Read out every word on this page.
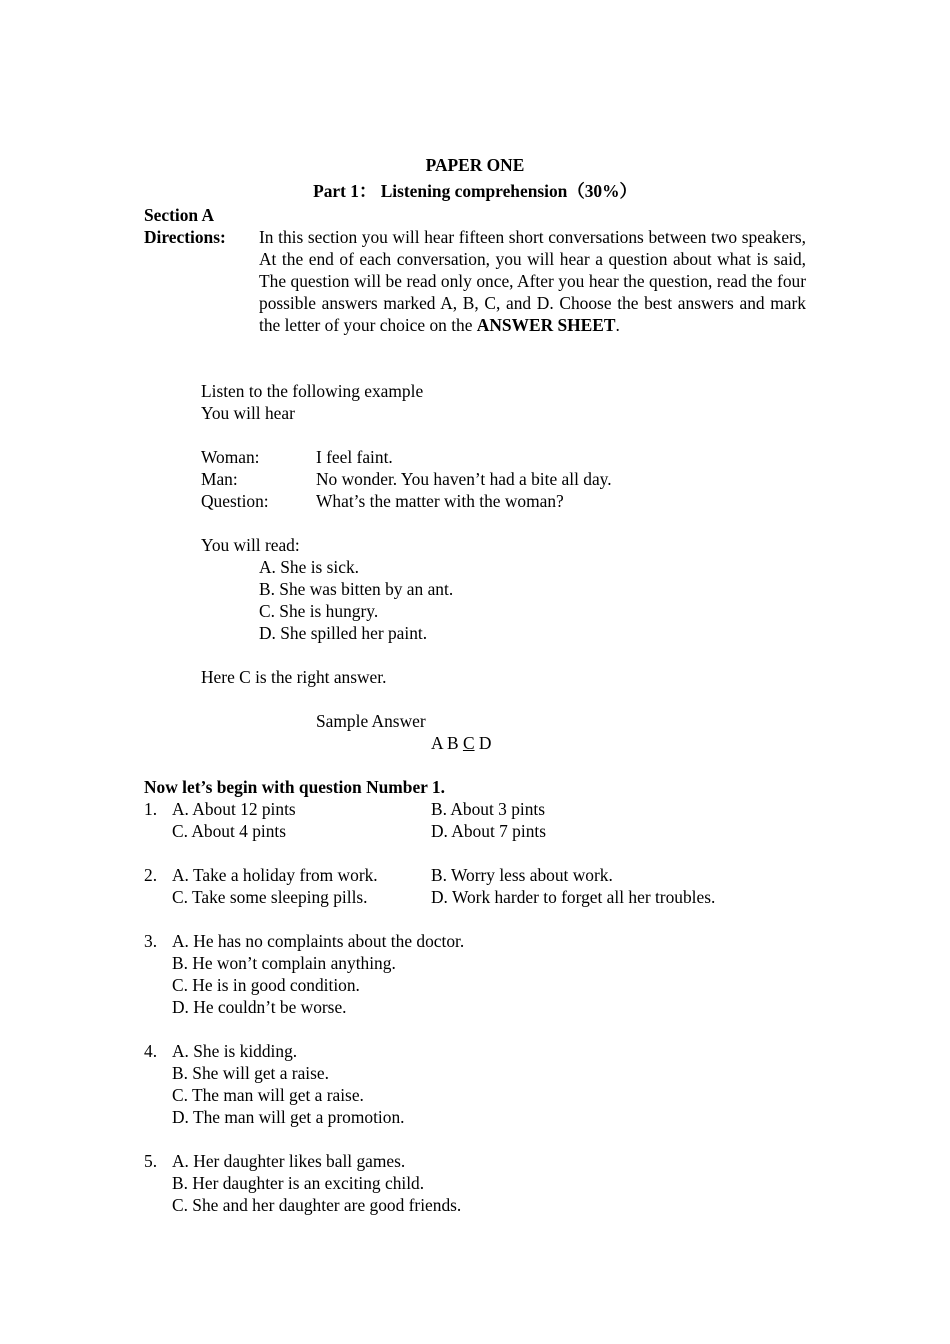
PAPER ONE
Part 1： Listening comprehension（30%）
Section A
Directions: In this section you will hear fifteen short conversations between two speakers, At the end of each conversation, you will hear a question about what is said, The question will be read only once, After you hear the question, read the four possible answers marked A, B, C, and D. Choose the best answers and mark the letter of your choice on the ANSWER SHEET.
Listen to the following example
You will hear
Woman:	I feel faint.
Man:	No wonder. You haven’t had a bite all day.
Question:	What’s the matter with the woman?
You will read:
A. She is sick.
B. She was bitten by an ant.
C. She is hungry.
D. She spilled her paint.
Here C is the right answer.
Sample Answer
A B C D
Now let’s begin with question Number 1.
1. A. About 12 pints	B. About 3 pints
C. About 4 pints	D. About 7 pints
2. A. Take a holiday from work.	B. Worry less about work.
C. Take some sleeping pills.	D. Work harder to forget all her troubles.
3. A. He has no complaints about the doctor.
B. He won’t complain anything.
C. He is in good condition.
D. He couldn’t be worse.
4. A. She is kidding.
B. She will get a raise.
C. The man will get a raise.
D. The man will get a promotion.
5. A. Her daughter likes ball games.
B. Her daughter is an exciting child.
C. She and her daughter are good friends.
